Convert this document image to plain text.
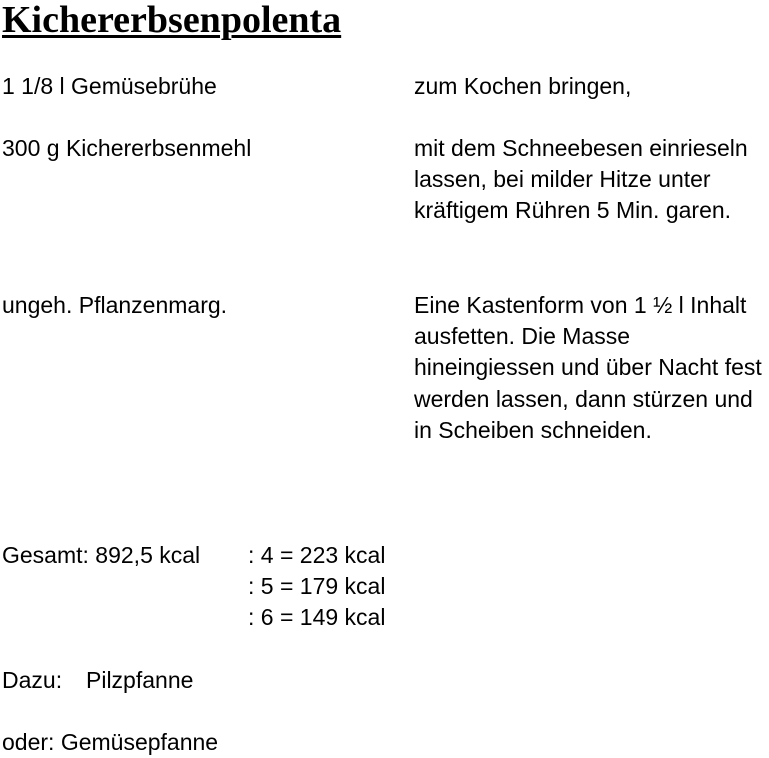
Kichererbsenpolenta
1 1/8 l Gemüsebrühe	zum Kochen bringen,
300 g Kichererbsenmehl	mit dem Schneebesen einrieseln lassen, bei milder Hitze unter kräftigem Rühren 5 Min. garen.
ungeh. Pflanzenmarg.	Eine Kastenform von 1 ½ l Inhalt ausfetten. Die Masse hineingiessen und über Nacht fest werden lassen, dann stürzen und in Scheiben schneiden.
Gesamt: 892,5 kcal : 4 = 223 kcal
: 5 = 179 kcal
: 6 = 149 kcal
Dazu: Pilzpfanne
oder: Gemüsepfanne
